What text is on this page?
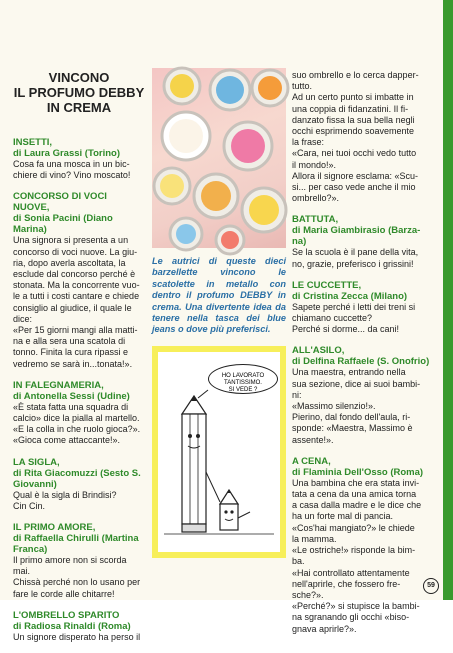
VINCONO
IL PROFUMO DEBBY
IN CREMA
INSETTI,
di Laura Grassi (Torino)

Cosa fa una mosca in un bic-

chiere di vino? Vino moscato!

CONCORSO DI VOCI NUOVE,
di Sonia Pacini (Diano Marina)

Una signora si presenta a un

concorso di voci nuove. La giu-

ria, dopo averla ascoltata, la

esclude dal concorso perché è

stonata. Ma la concorrente vuo-

le a tutti i costi cantare e chiede

consiglio al giudice, il quale le

dice:

«Per 15 giorni mangi alla matti-

na e alla sera una scatola di

tonno. Finita la cura ripassi e

vedremo se sarà in...tonata!».

IN FALEGNAMERIA,
di Antonella Sessi (Udine)

«È stata fatta una squadra di

calcio» dice la pialla al martello.

«E la colla in che ruolo gioca?».

«Gioca come attaccante!».

LA SIGLA,
di Rita Giacomuzzi (Sesto S.
Giovanni)

Qual è la sigla di Brindisi?

Cin Cin.

IL PRIMO AMORE,
di Raffaella Chirulli (Martina
Franca)

Il primo amore non si scorda

mai.

Chissà perché non lo usano per

fare le corde alle chitarre!

L'OMBRELLO SPARITO
di Radiosa Rinaldi (Roma)

Un signore disperato ha perso il

Le autrici di queste dieci barzellette vincono le scatolette in metallo con dentro il profumo DEBBY in crema. Una divertente idea da tenere nella tasca dei blue jeans o dove più preferisci.
HO LAVORATO
TANTISSIMO.
SI VEDE ?

suo ombrello e lo cerca dapper-

tutto.

Ad un certo punto si imbatte in

una coppia di fidanzatini. Il fi-

danzato fissa la sua bella negli

occhi esprimendo soavemente

la frase:

«Cara, nei tuoi occhi vedo tutto

il mondo!».

Allora il signore esclama: «Scu-

si... per caso vede anche il mio

ombrello?».

BATTUTA,
di Maria Giambirasio (Barza-
na)

Se la scuola è il pane della vita,

no, grazie, preferisco i grissini!

LE CUCCETTE,
di Cristina Zecca (Milano)

Sapete perché i letti dei treni si

chiamano cuccette?

Perché si dorme... da cani!

ALL'ASILO,
di Delfina Raffaele (S. Onofrio)

Una maestra, entrando nella

sua sezione, dice ai suoi bambi-

ni:

«Massimo silenzio!».

Pierino, dal fondo dell'aula, ri-

sponde: «Maestra, Massimo è

assente!».

A CENA,
di Flaminia Dell'Osso (Roma)

Una bambina che era stata invi-

tata a cena da una amica torna

a casa dalla madre e le dice che

ha un forte mal di pancia.

«Cos'hai mangiato?» le chiede

la mamma.

«Le ostriche!» risponde la bim-

ba.

«Hai controllato attentamente

nell'aprirle, che fossero fre-

sche?».

«Perché?» si stupisce la bambi-

na sgranando gli occhi «biso-

gnava aprirle?».

59
